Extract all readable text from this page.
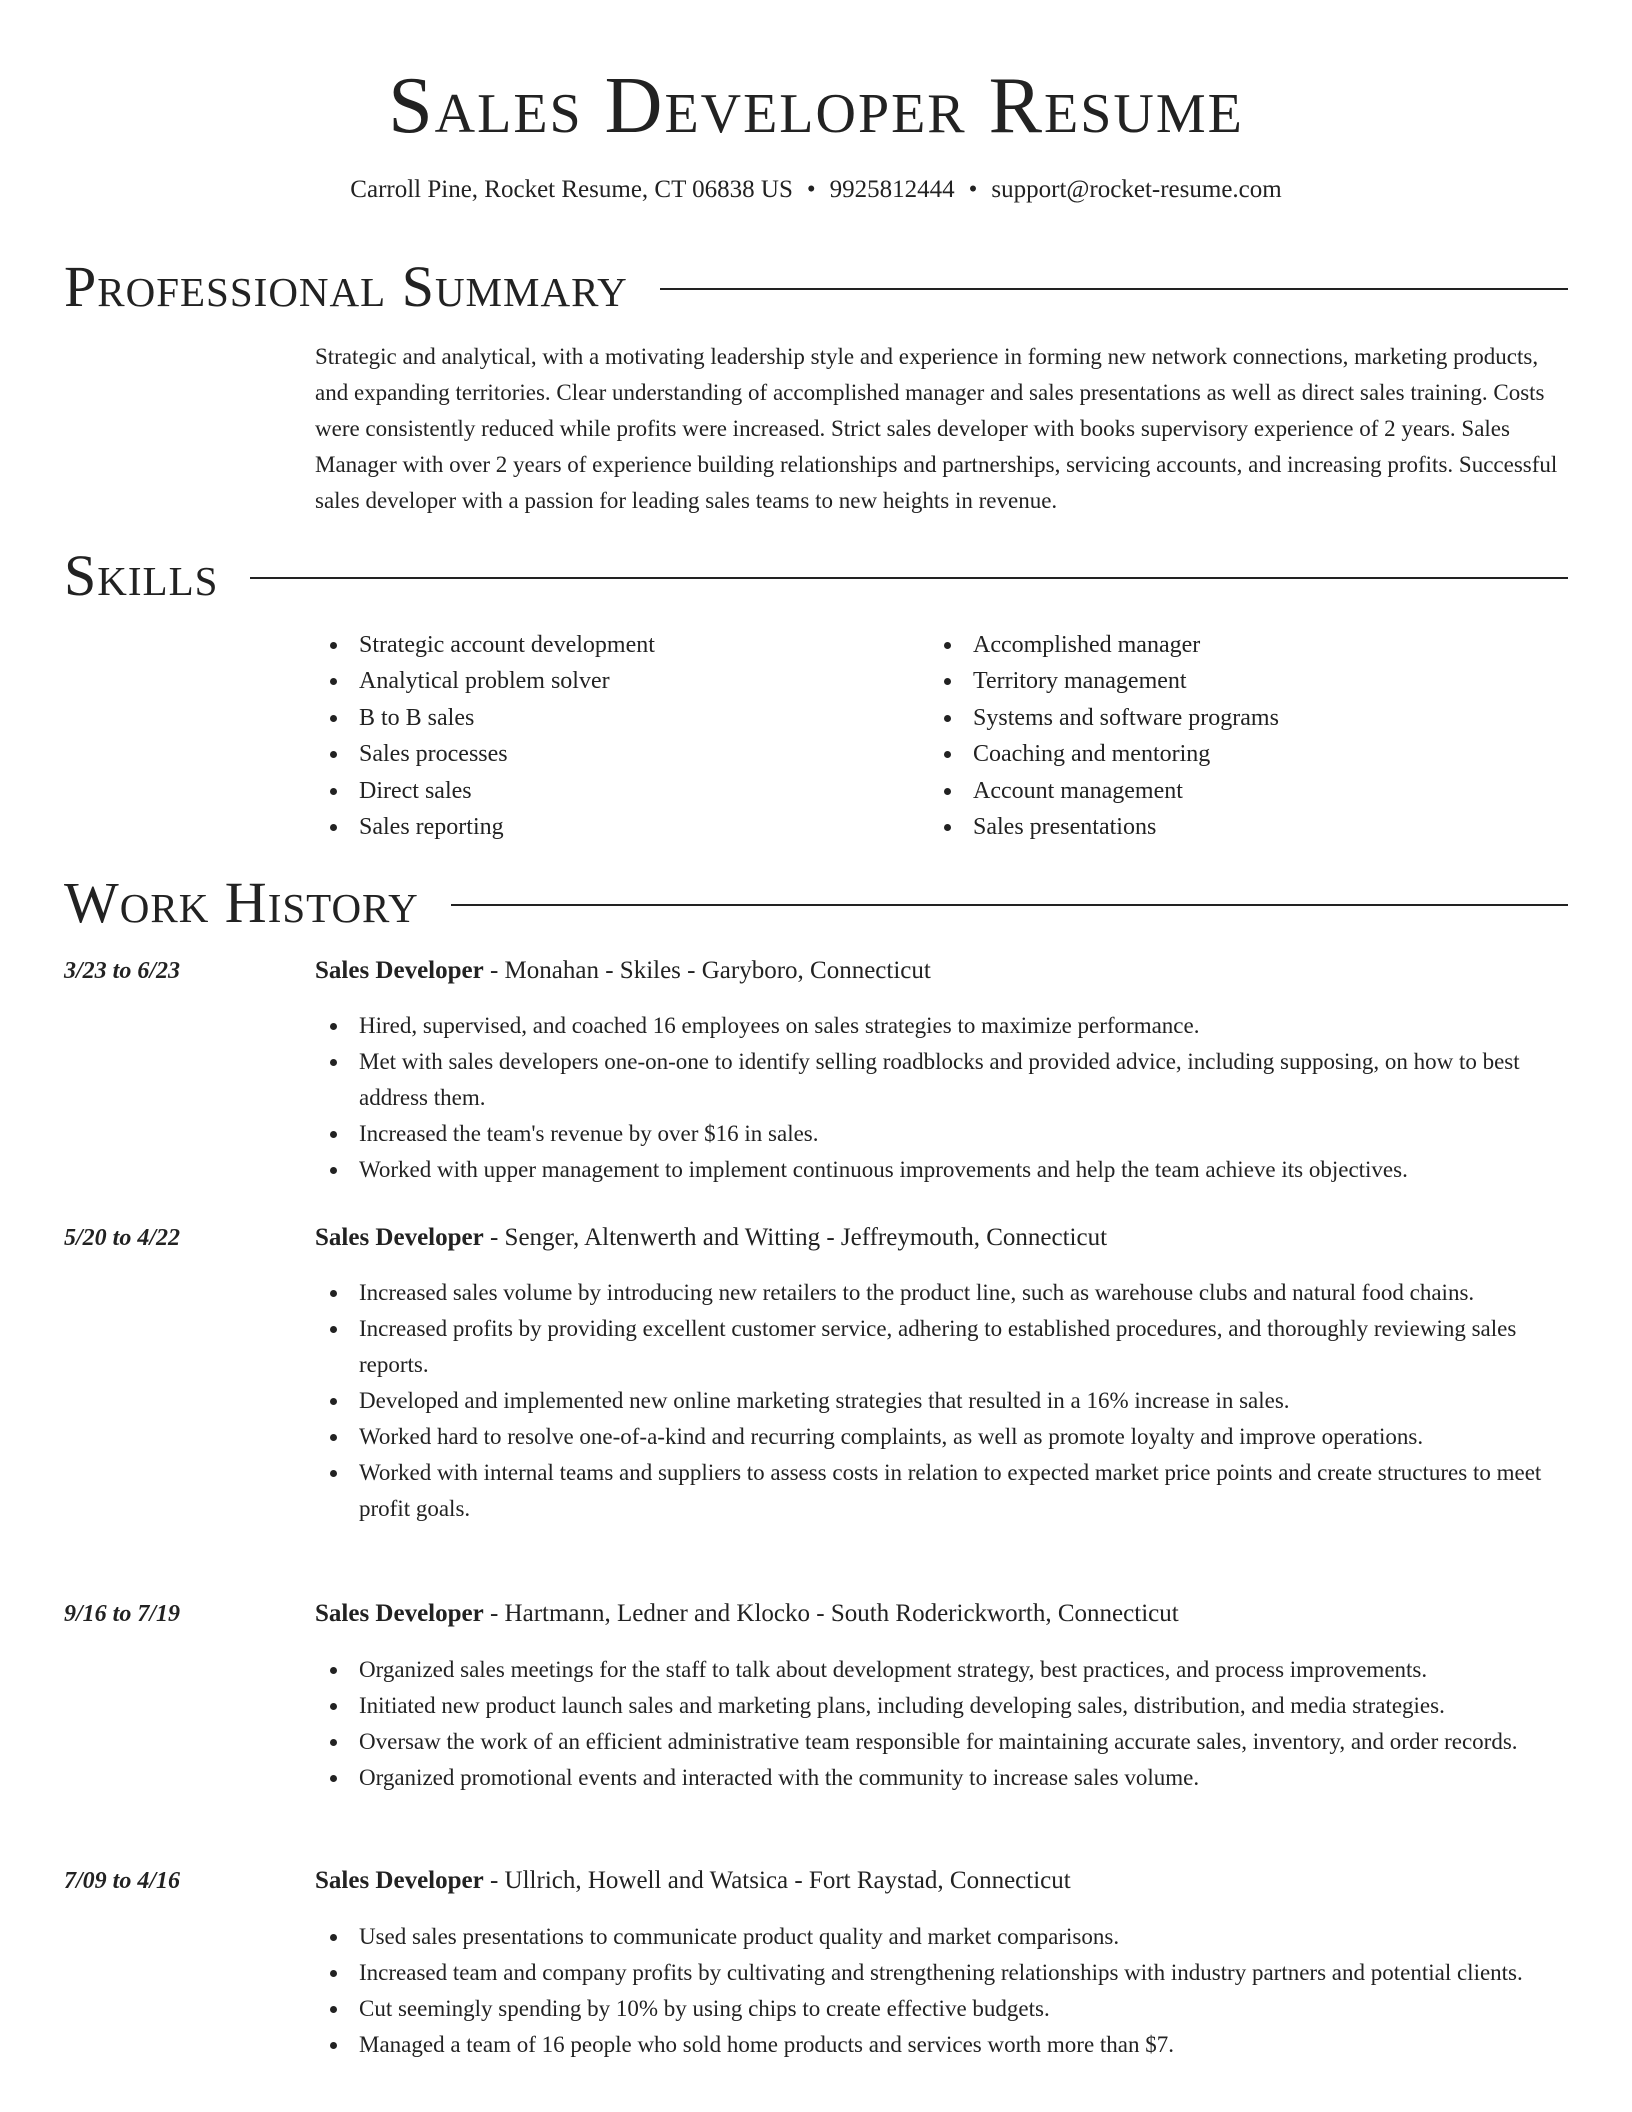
Sales Developer Resume
Carroll Pine, Rocket Resume, CT 06838 US • 9925812444 • support@rocket-resume.com
Professional Summary

Strategic and analytical, with a motivating leadership style and experience in forming new network connections, marketing products, and expanding territories. Clear understanding of accomplished manager and sales presentations as well as direct sales training. Costs were consistently reduced while profits were increased. Strict sales developer with books supervisory experience of 2 years. Sales Manager with over 2 years of experience building relationships and partnerships, servicing accounts, and increasing profits. Successful sales developer with a passion for leading sales teams to new heights in revenue.

Skills
Strategic account development
Analytical problem solver
B to B sales
Sales processes
Direct sales
Sales reporting
Accomplished manager
Territory management
Systems and software programs
Coaching and mentoring
Account management
Sales presentations
Work History
3/23 to 6/23	Sales Developer - Monahan - Skiles - Garyboro, Connecticut
Hired, supervised, and coached 16 employees on sales strategies to maximize performance.
Met with sales developers one-on-one to identify selling roadblocks and provided advice, including supposing, on how to best address them.
Increased the team's revenue by over $16 in sales.
Worked with upper management to implement continuous improvements and help the team achieve its objectives.
5/20 to 4/22	Sales Developer - Senger, Altenwerth and Witting - Jeffreymouth, Connecticut
Increased sales volume by introducing new retailers to the product line, such as warehouse clubs and natural food chains.
Increased profits by providing excellent customer service, adhering to established procedures, and thoroughly reviewing sales reports.
Developed and implemented new online marketing strategies that resulted in a 16% increase in sales.
Worked hard to resolve one-of-a-kind and recurring complaints, as well as promote loyalty and improve operations.
Worked with internal teams and suppliers to assess costs in relation to expected market price points and create structures to meet profit goals.
9/16 to 7/19	Sales Developer - Hartmann, Ledner and Klocko - South Roderickworth, Connecticut
Organized sales meetings for the staff to talk about development strategy, best practices, and process improvements.
Initiated new product launch sales and marketing plans, including developing sales, distribution, and media strategies.
Oversaw the work of an efficient administrative team responsible for maintaining accurate sales, inventory, and order records.
Organized promotional events and interacted with the community to increase sales volume.
7/09 to 4/16	Sales Developer - Ullrich, Howell and Watsica - Fort Raystad, Connecticut
Used sales presentations to communicate product quality and market comparisons.
Increased team and company profits by cultivating and strengthening relationships with industry partners and potential clients.
Cut seemingly spending by 10% by using chips to create effective budgets.
Managed a team of 16 people who sold home products and services worth more than $7.
